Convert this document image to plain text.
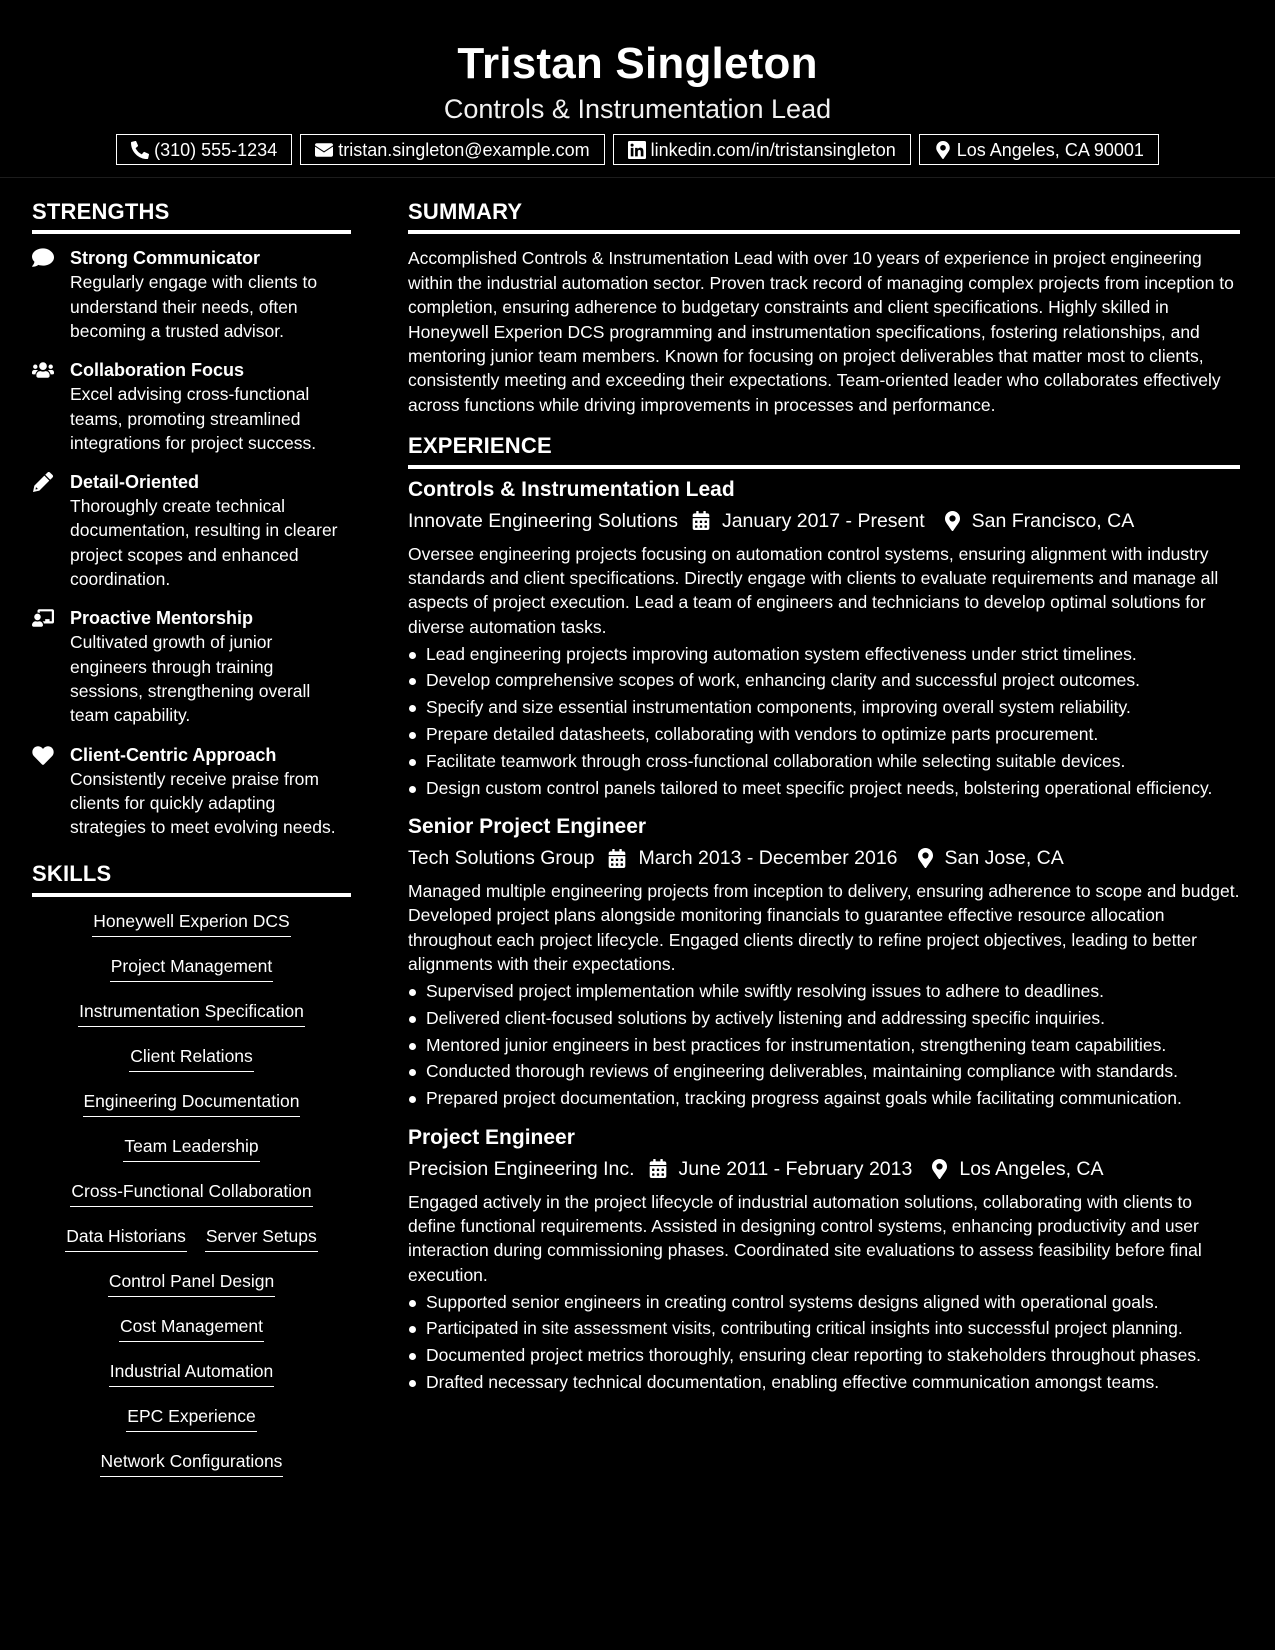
Tristan Singleton
Controls & Instrumentation Lead
(310) 555-1234	tristan.singleton@example.com	linkedin.com/in/tristansingleton	Los Angeles, CA 90001
STRENGTHS
Strong Communicator
Regularly engage with clients to understand their needs, often becoming a trusted advisor.
Collaboration Focus
Excel advising cross-functional teams, promoting streamlined integrations for project success.
Detail-Oriented
Thoroughly create technical documentation, resulting in clearer project scopes and enhanced coordination.
Proactive Mentorship
Cultivated growth of junior engineers through training sessions, strengthening overall team capability.
Client-Centric Approach
Consistently receive praise from clients for quickly adapting strategies to meet evolving needs.
SKILLS
Honeywell Experion DCS
Project Management
Instrumentation Specification
Client Relations
Engineering Documentation
Team Leadership
Cross-Functional Collaboration
Data Historians Server Setups
Control Panel Design
Cost Management
Industrial Automation
EPC Experience
Network Configurations
SUMMARY

Accomplished Controls & Instrumentation Lead with over 10 years of experience in project engineering within the industrial automation sector. Proven track record of managing complex projects from inception to completion, ensuring adherence to budgetary constraints and client specifications. Highly skilled in Honeywell Experion DCS programming and instrumentation specifications, fostering relationships, and mentoring junior team members. Known for focusing on project deliverables that matter most to clients, consistently meeting and exceeding their expectations. Team-oriented leader who collaborates effectively across functions while driving improvements in processes and performance.

EXPERIENCE
Controls & Instrumentation Lead
Innovate Engineering Solutions January 2017 - Present San Francisco, CA

Oversee engineering projects focusing on automation control systems, ensuring alignment with industry standards and client specifications. Directly engage with clients to evaluate requirements and manage all aspects of project execution. Lead a team of engineers and technicians to develop optimal solutions for diverse automation tasks.

Lead engineering projects improving automation system effectiveness under strict timelines.
Develop comprehensive scopes of work, enhancing clarity and successful project outcomes.
Specify and size essential instrumentation components, improving overall system reliability.
Prepare detailed datasheets, collaborating with vendors to optimize parts procurement.
Facilitate teamwork through cross-functional collaboration while selecting suitable devices.
Design custom control panels tailored to meet specific project needs, bolstering operational efficiency.
Senior Project Engineer
Tech Solutions Group March 2013 - December 2016 San Jose, CA

Managed multiple engineering projects from inception to delivery, ensuring adherence to scope and budget. Developed project plans alongside monitoring financials to guarantee effective resource allocation throughout each project lifecycle. Engaged clients directly to refine project objectives, leading to better alignments with their expectations.

Supervised project implementation while swiftly resolving issues to adhere to deadlines.
Delivered client-focused solutions by actively listening and addressing specific inquiries.
Mentored junior engineers in best practices for instrumentation, strengthening team capabilities.
Conducted thorough reviews of engineering deliverables, maintaining compliance with standards.
Prepared project documentation, tracking progress against goals while facilitating communication.
Project Engineer
Precision Engineering Inc. June 2011 - February 2013 Los Angeles, CA

Engaged actively in the project lifecycle of industrial automation solutions, collaborating with clients to define functional requirements. Assisted in designing control systems, enhancing productivity and user interaction during commissioning phases. Coordinated site evaluations to assess feasibility before final execution.

Supported senior engineers in creating control systems designs aligned with operational goals.
Participated in site assessment visits, contributing critical insights into successful project planning.
Documented project metrics thoroughly, ensuring clear reporting to stakeholders throughout phases.
Drafted necessary technical documentation, enabling effective communication amongst teams.
